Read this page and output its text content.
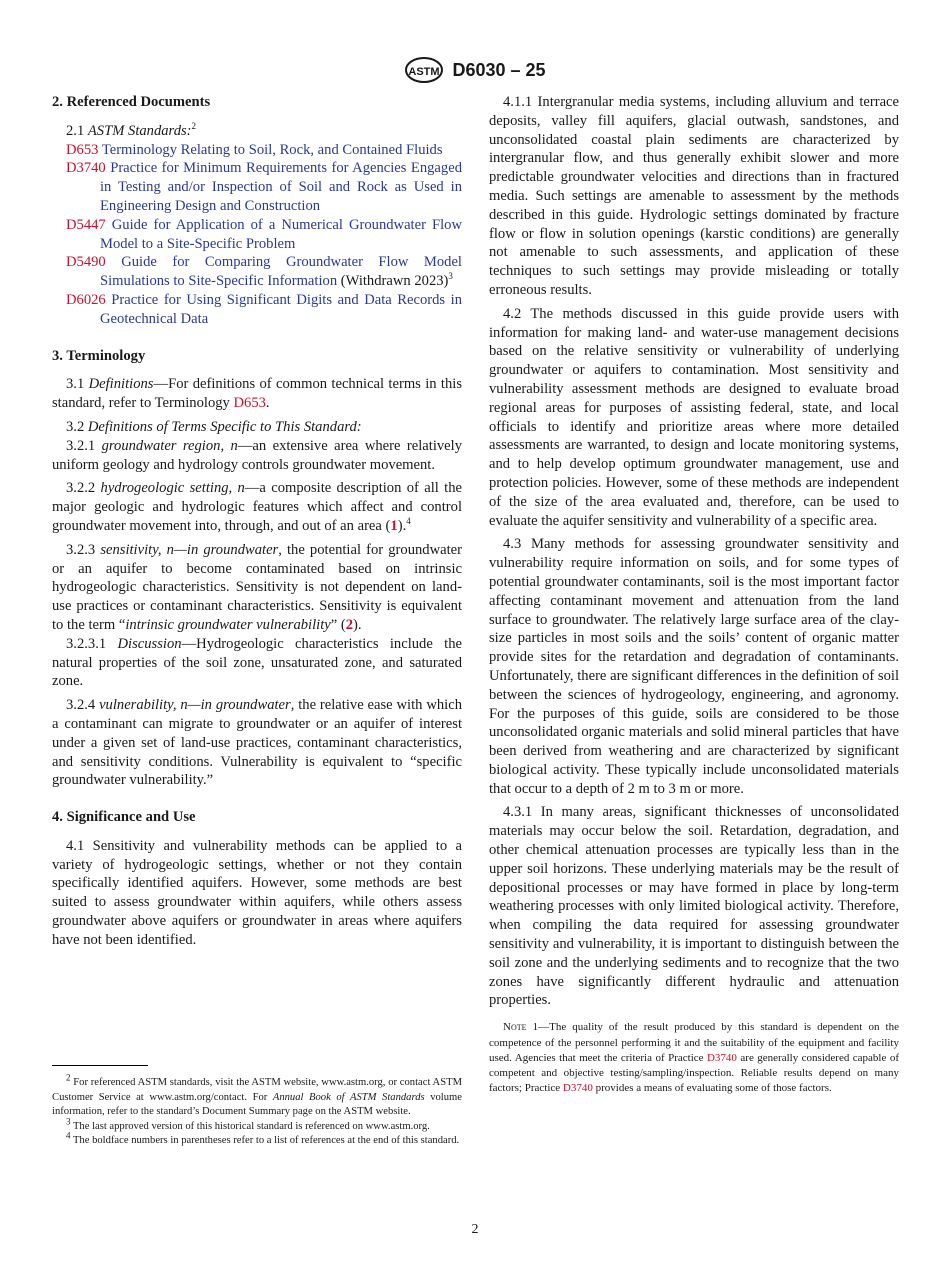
ASTM D6030 – 25
2. Referenced Documents

2.1 ASTM Standards:$^2$

D653 Terminology Relating to Soil, Rock, and Contained Fluids
D3740 Practice for Minimum Requirements for Agencies Engaged in Testing and/or Inspection of Soil and Rock as Used in Engineering Design and Construction
D5447 Guide for Application of a Numerical Groundwater Flow Model to a Site-Specific Problem
D5490 Guide for Comparing Groundwater Flow Model Simulations to Site-Specific Information (Withdrawn 2023)$^3$
D6026 Practice for Using Significant Digits and Data Records in Geotechnical Data
3. Terminology

3.1 Definitions—For definitions of common technical terms in this standard, refer to Terminology D653.

3.2 Definitions of Terms Specific to This Standard:

3.2.1 groundwater region, n—an extensive area where relatively uniform geology and hydrology controls groundwater movement.

3.2.2 hydrogeologic setting, n—a composite description of all the major geologic and hydrologic features which affect and control groundwater movement into, through, and out of an area (1).$^4$

3.2.3 sensitivity, n—in groundwater, the potential for groundwater or an aquifer to become contaminated based on intrinsic hydrogeologic characteristics. Sensitivity is not dependent on land-use practices or contaminant characteristics. Sensitivity is equivalent to the term “intrinsic groundwater vulnerability” (2).

3.2.3.1 Discussion—Hydrogeologic characteristics include the natural properties of the soil zone, unsaturated zone, and saturated zone.

3.2.4 vulnerability, n—in groundwater, the relative ease with which a contaminant can migrate to groundwater or an aquifer of interest under a given set of land-use practices, contaminant characteristics, and sensitivity conditions. Vulnerability is equivalent to “specific groundwater vulnerability.”

4. Significance and Use

4.1 Sensitivity and vulnerability methods can be applied to a variety of hydrogeologic settings, whether or not they contain specifically identified aquifers. However, some methods are best suited to assess groundwater within aquifers, while others assess groundwater above aquifers or groundwater in areas where aquifers have not been identified.

$^2$ For referenced ASTM standards, visit the ASTM website, www.astm.org, or contact ASTM Customer Service at www.astm.org/contact. For Annual Book of ASTM Standards volume information, refer to the standard’s Document Summary page on the ASTM website.

$^3$ The last approved version of this historical standard is referenced on www.astm.org.

$^4$ The boldface numbers in parentheses refer to a list of references at the end of this standard.

4.1.1 Intergranular media systems, including alluvium and terrace deposits, valley fill aquifers, glacial outwash, sandstones, and unconsolidated coastal plain sediments are characterized by intergranular flow, and thus generally exhibit slower and more predictable groundwater velocities and directions than in fractured media. Such settings are amenable to assessment by the methods described in this guide. Hydrologic settings dominated by fracture flow or flow in solution openings (karstic conditions) are generally not amenable to such assessments, and application of these techniques to such settings may provide misleading or totally erroneous results.

4.2 The methods discussed in this guide provide users with information for making land- and water-use management decisions based on the relative sensitivity or vulnerability of underlying groundwater or aquifers to contamination. Most sensitivity and vulnerability assessment methods are designed to evaluate broad regional areas for purposes of assisting federal, state, and local officials to identify and prioritize areas where more detailed assessments are warranted, to design and locate monitoring systems, and to help develop optimum groundwater management, use and protection policies. However, some of these methods are independent of the size of the area evaluated and, therefore, can be used to evaluate the aquifer sensitivity and vulnerability of a specific area.

4.3 Many methods for assessing groundwater sensitivity and vulnerability require information on soils, and for some types of potential groundwater contaminants, soil is the most important factor affecting contaminant movement and attenuation from the land surface to groundwater. The relatively large surface area of the clay-size particles in most soils and the soils’ content of organic matter provide sites for the retardation and degradation of contaminants. Unfortunately, there are significant differences in the definition of soil between the sciences of hydrogeology, engineering, and agronomy. For the purposes of this guide, soils are considered to be those unconsolidated organic materials and solid mineral particles that have been derived from weathering and are characterized by significant biological activity. These typically include unconsolidated materials that occur to a depth of 2 m to 3 m or more.

4.3.1 In many areas, significant thicknesses of unconsolidated materials may occur below the soil. Retardation, degradation, and other chemical attenuation processes are typically less than in the upper soil horizons. These underlying materials may be the result of depositional processes or may have formed in place by long-term weathering processes with only limited biological activity. Therefore, when compiling the data required for assessing groundwater sensitivity and vulnerability, it is important to distinguish between the soil zone and the underlying sediments and to recognize that the two zones have significantly different hydraulic and attenuation properties.

Note 1—The quality of the result produced by this standard is dependent on the competence of the personnel performing it and the suitability of the equipment and facility used. Agencies that meet the criteria of Practice D3740 are generally considered capable of competent and objective testing/sampling/inspection. Reliable results depend on many factors; Practice D3740 provides a means of evaluating some of those factors.
2
